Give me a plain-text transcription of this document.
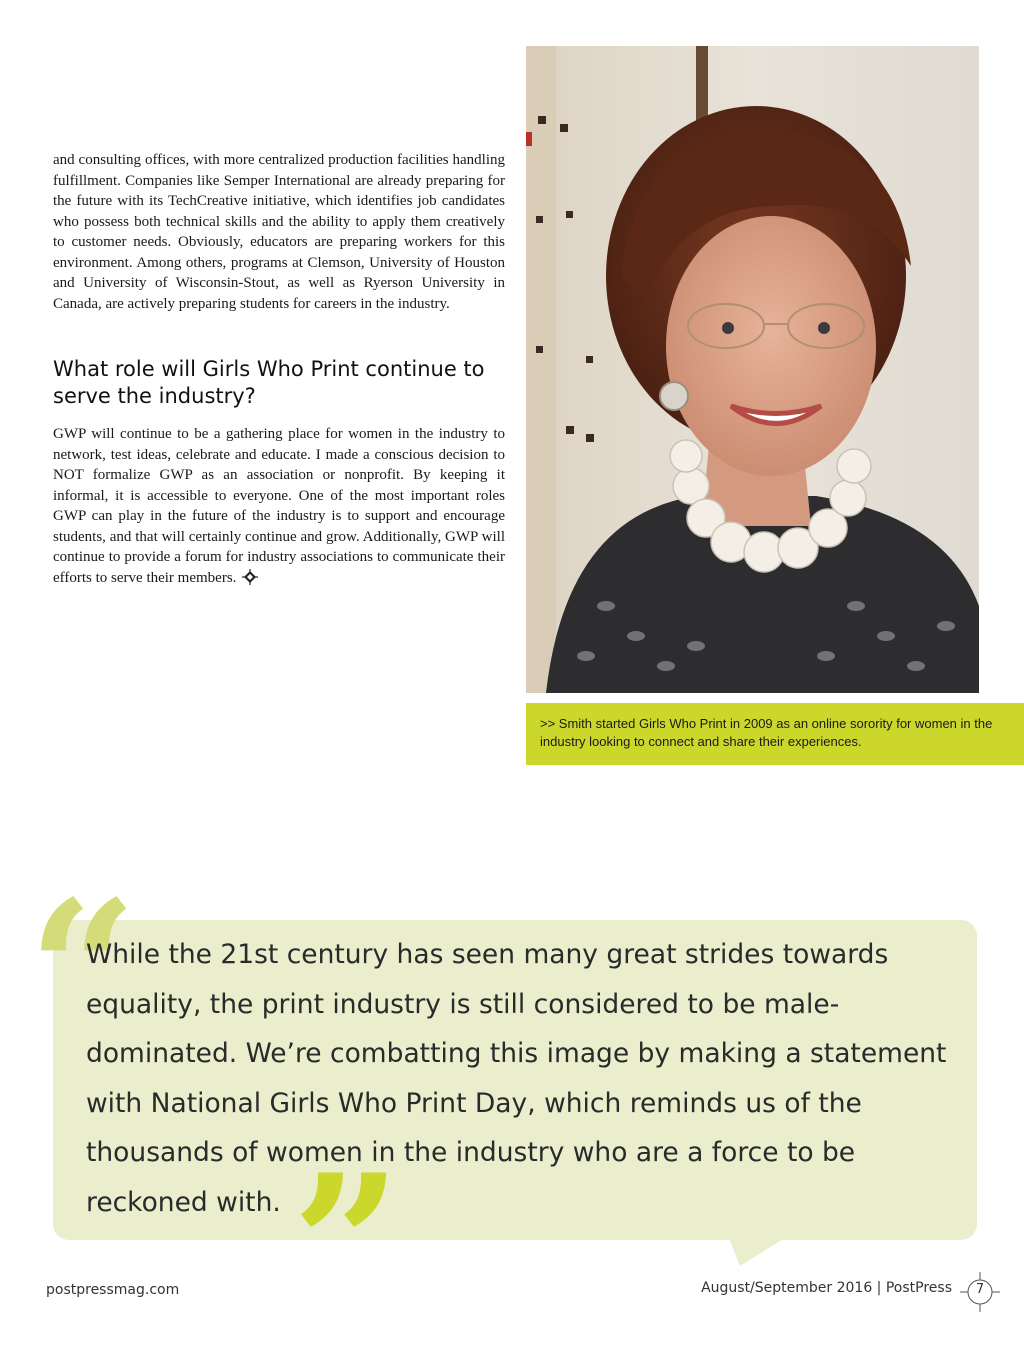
and consulting offices, with more centralized production facilities handling fulfillment. Companies like Semper International are already preparing for the future with its TechCreative initiative, which identifies job candidates who possess both technical skills and the ability to apply them creatively to customer needs. Obviously, educators are preparing workers for this environment. Among others, programs at Clemson, University of Houston and University of Wisconsin-Stout, as well as Ryerson University in Canada, are actively preparing students for careers in the industry.

What role will Girls Who Print continue to serve the industry?

GWP will continue to be a gathering place for women in the industry to network, test ideas, celebrate and educate. I made a conscious decision to NOT formalize GWP as an association or nonprofit. By keeping it informal, it is accessible to everyone. One of the most important roles GWP can play in the future of the industry is to support and encourage students, and that will certainly continue and grow. Additionally, GWP will continue to provide a forum for industry associations to communicate their efforts to serve their members.

>> Smith started Girls Who Print in 2009 as an online sorority for women in the industry looking to connect and share their experiences.

“

While the 21st century has seen many great strides towards equality, the print industry is still considered to be male-dominated. We’re combatting this image by making a statement with National Girls Who Print Day, which reminds us of the thousands of women in the industry who are a force to be reckoned with. ”
postpressmag.com	August/September 2016 | PostPress	7
